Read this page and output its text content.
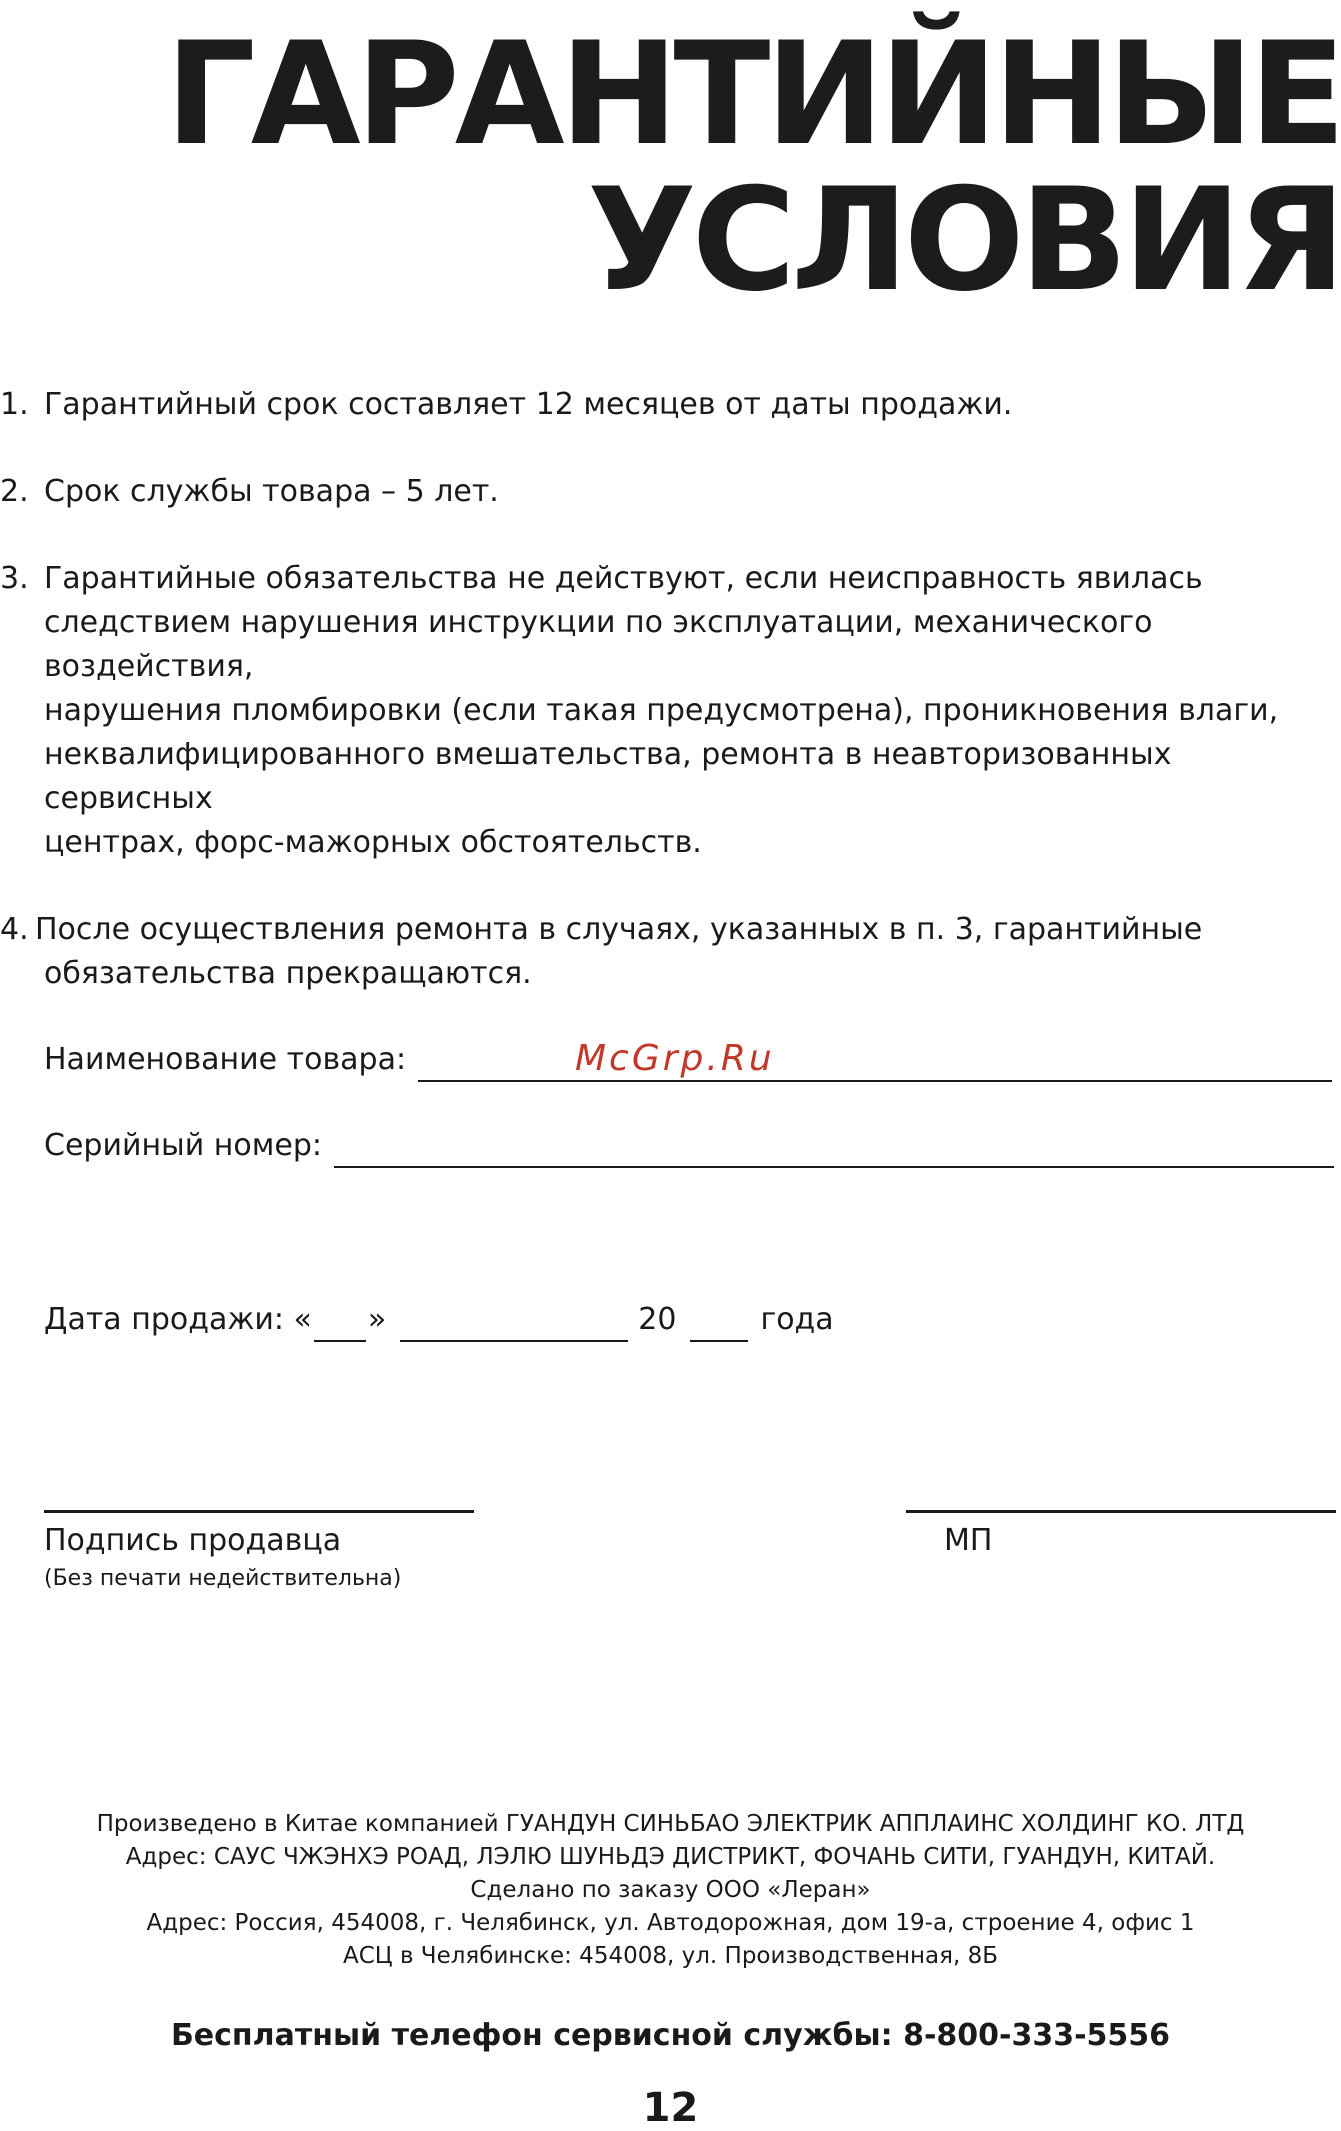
ГАРАНТИЙНЫЕ
УСЛОВИЯ
1. Гарантийный срок составляет 12 месяцев от даты продажи.
2. Срок службы товара – 5 лет.
3. Гарантийные обязательства не действуют, если неисправность явилась
следствием нарушения инструкции по эксплуатации, механического воздействия,
нарушения пломбировки (если такая предусмотрена), проникновения влаги,
неквалифицированного вмешательства, ремонта в неавторизованных сервисных
центрах, форс-мажорных обстоятельств.
4. После осуществления ремонта в случаях, указанных в п. 3, гарантийные
обязательства прекращаются.
Наименование товара:	McGrp.Ru
Серийный номер:
Дата продажи: « »	20	года
Подпись продавца
(Без печати недействительна)
МП
Произведено в Китае компанией ГУАНДУН СИНЬБАО ЭЛЕКТРИК АППЛАИНС ХОЛДИНГ КО. ЛТД
Адрес: САУС ЧЖЭНХЭ РОАД, ЛЭЛЮ ШУНЬДЭ ДИСТРИКТ, ФОЧАНЬ СИТИ, ГУАНДУН, КИТАЙ.
Сделано по заказу ООО «Леран»
Адрес: Россия, 454008, г. Челябинск, ул. Автодорожная, дом 19-а, строение 4, офис 1
АСЦ в Челябинске: 454008, ул. Производственная, 8Б
Бесплатный телефон сервисной службы: 8-800-333-5556
12
